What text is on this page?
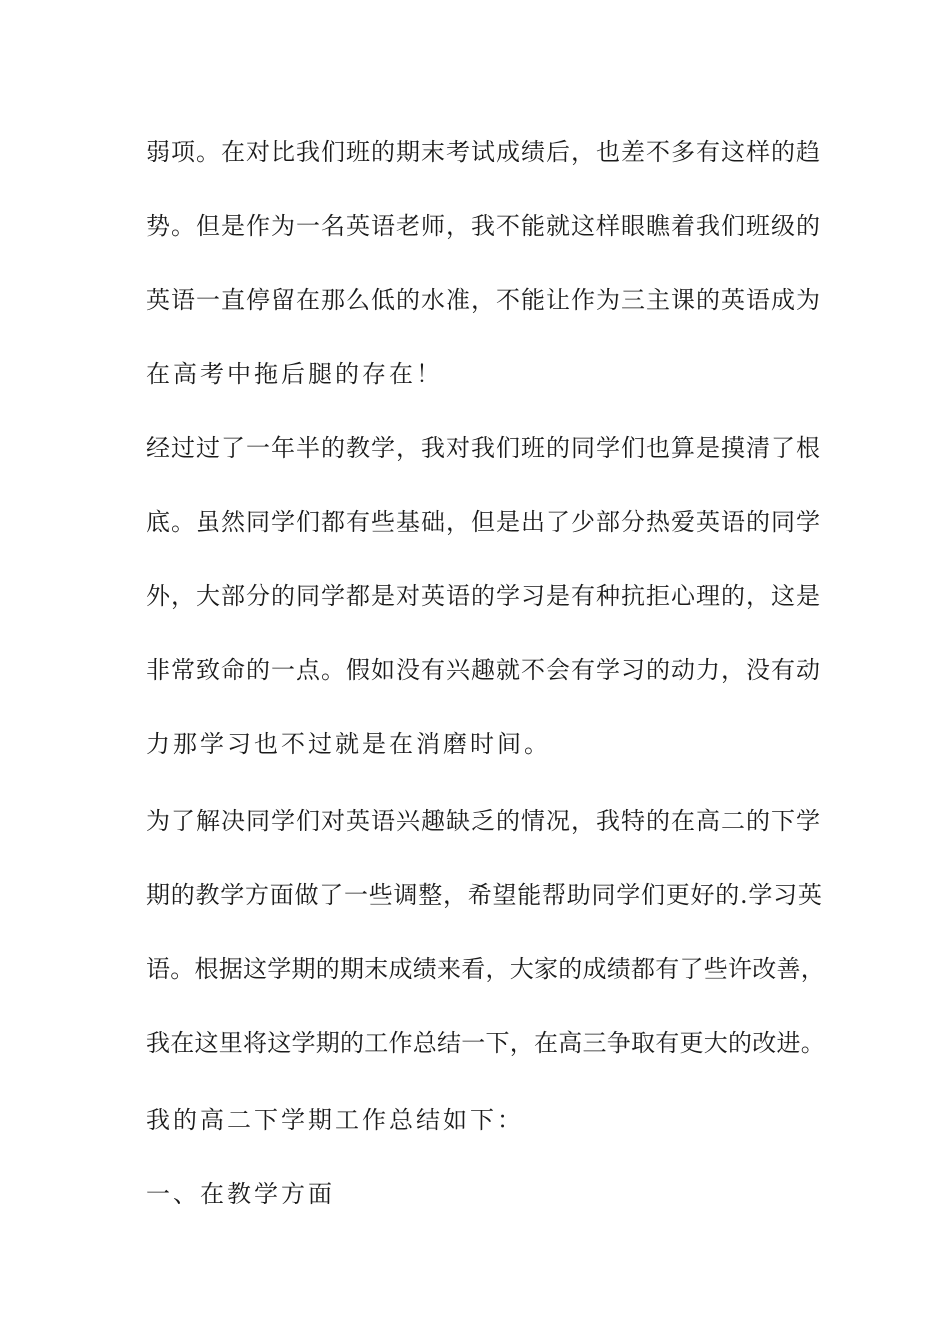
弱项。在对比我们班的期末考试成绩后，也差不多有这样的趋
势。但是作为一名英语老师，我不能就这样眼瞧着我们班级的
英语一直停留在那么低的水准，不能让作为三主课的英语成为
在高考中拖后腿的存在！
经过过了一年半的教学，我对我们班的同学们也算是摸清了根
底。虽然同学们都有些基础，但是出了少部分热爱英语的同学
外，大部分的同学都是对英语的学习是有种抗拒心理的，这是
非常致命的一点。假如没有兴趣就不会有学习的动力，没有动
力那学习也不过就是在消磨时间。
为了解决同学们对英语兴趣缺乏的情况，我特的在高二的下学
期的教学方面做了一些调整，希望能帮助同学们更好的.学习英
语。根据这学期的期末成绩来看，大家的成绩都有了些许改善，
我在这里将这学期的工作总结一下，在高三争取有更大的改进。
我的高二下学期工作总结如下：
一、在教学方面
